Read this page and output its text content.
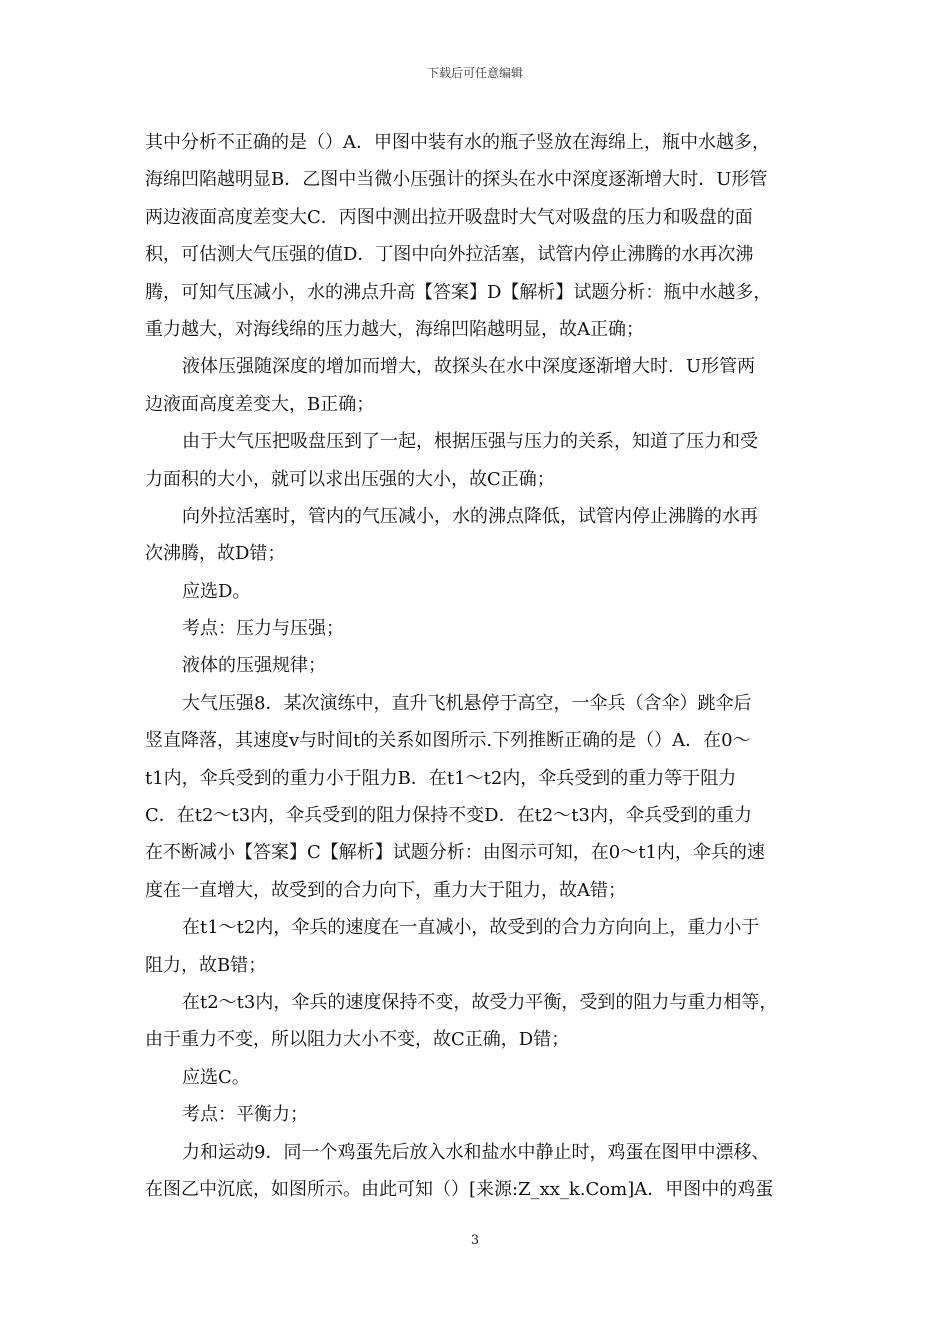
下载后可任意编辑
其中分析不正确的是（）A．甲图中装有水的瓶子竖放在海绵上，瓶中水越多，
海绵凹陷越明显B．乙图中当微小压强计的探头在水中深度逐渐增大时．U形管
两边液面高度差变大C．丙图中测出拉开吸盘时大气对吸盘的压力和吸盘的面
积，可估测大气压强的值D．丁图中向外拉活塞，试管内停止沸腾的水再次沸
腾，可知气压减小，水的沸点升高【答案】D【解析】试题分析：瓶中水越多，
重力越大，对海线绵的压力越大，海绵凹陷越明显，故A正确；
液体压强随深度的增加而增大，故探头在水中深度逐渐增大时．U形管两
边液面高度差变大，B正确；
由于大气压把吸盘压到了一起，根据压强与压力的关系，知道了压力和受
力面积的大小，就可以求出压强的大小，故C正确；
向外拉活塞时，管内的气压减小，水的沸点降低，试管内停止沸腾的水再
次沸腾，故D错；
应选D。
考点：压力与压强；
液体的压强规律；
大气压强8．某次演练中，直升飞机悬停于高空，一伞兵（含伞）跳伞后
竖直降落，其速度v与时间t的关系如图所示.下列推断正确的是（）A．在0～
t1内，伞兵受到的重力小于阻力B．在t1～t2内，伞兵受到的重力等于阻力
C．在t2～t3内，伞兵受到的阻力保持不变D．在t2～t3内，伞兵受到的重力
在不断减小【答案】C【解析】试题分析：由图示可知，在0～t1内，伞兵的速
度在一直增大，故受到的合力向下，重力大于阻力，故A错；
在t1～t2内，伞兵的速度在一直减小，故受到的合力方向向上，重力小于
阻力，故B错；
在t2～t3内，伞兵的速度保持不变，故受力平衡，受到的阻力与重力相等，
由于重力不变，所以阻力大小不变，故C正确，D错；
应选C。
考点：平衡力；
力和运动9．同一个鸡蛋先后放入水和盐水中静止时，鸡蛋在图甲中漂移、
在图乙中沉底，如图所示。由此可知（）[来源:Z_xx_k.Com]A．甲图中的鸡蛋
3
